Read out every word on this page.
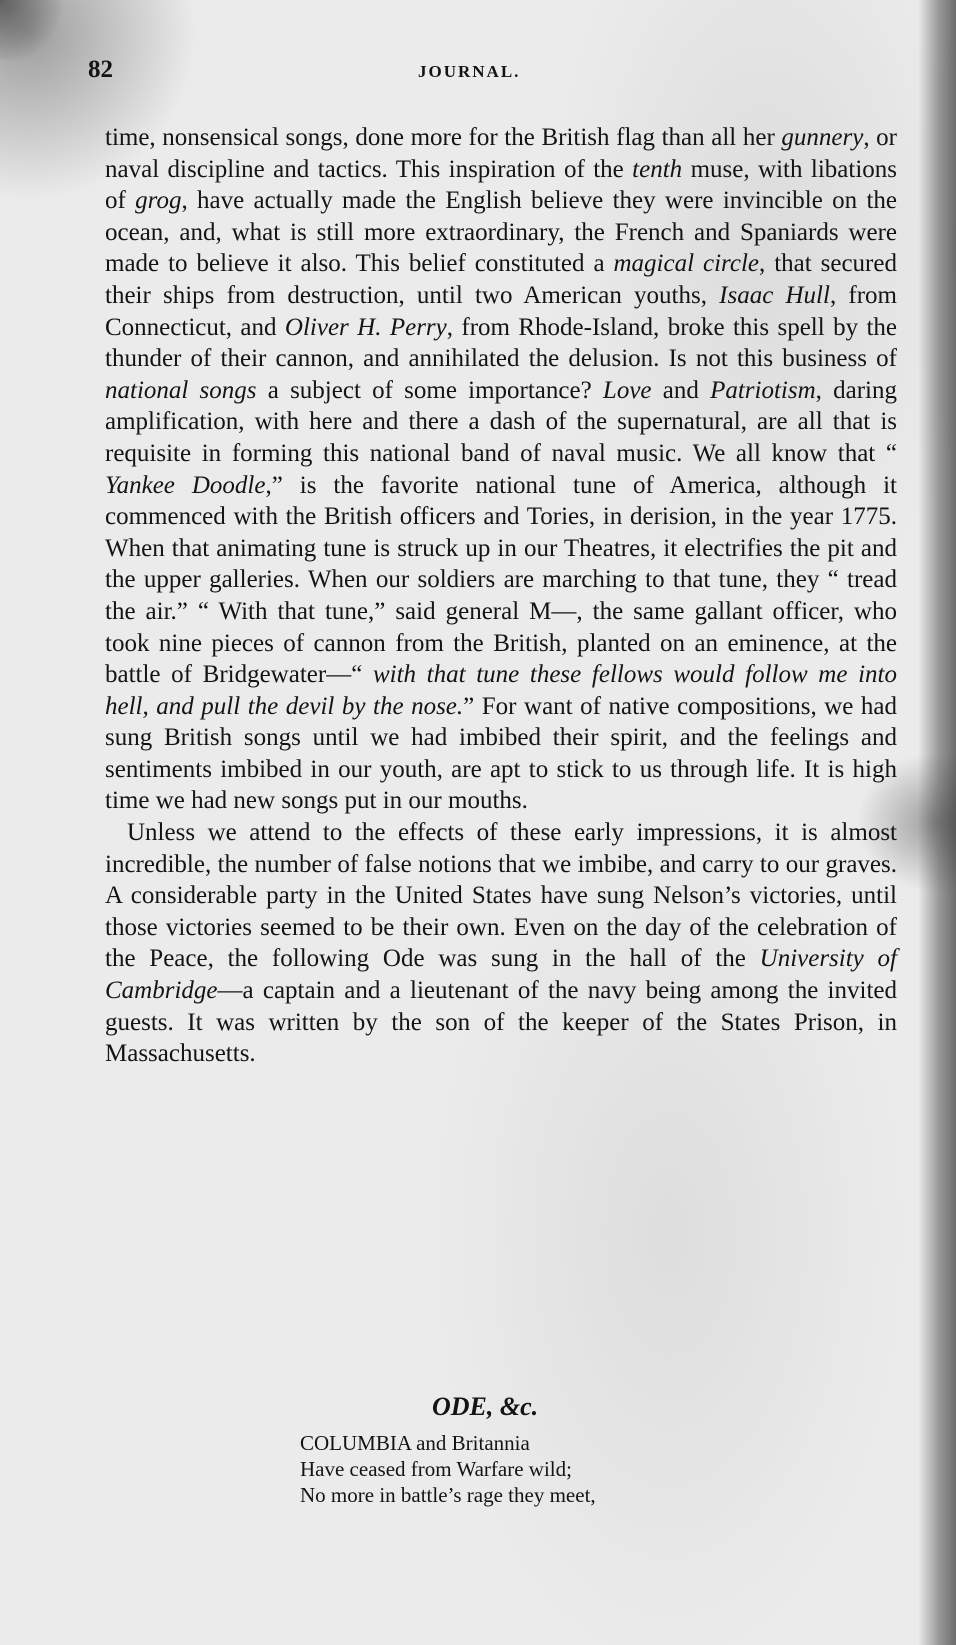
82	JOURNAL.

time, nonsensical songs, done more for the British flag than all her gunnery, or naval discipline and tactics. This inspiration of the tenth muse, with libations of grog, have actually made the English believe they were invincible on the ocean, and, what is still more extraordinary, the French and Spaniards were made to believe it also. This belief constituted a magical circle, that secured their ships from destruction, until two American youths, Isaac Hull, from Connecticut, and Oliver H. Perry, from Rhode-Island, broke this spell by the thunder of their cannon, and annihilated the delusion. Is not this business of national songs a subject of some importance? Love and Patriotism, daring amplification, with here and there a dash of the supernatural, are all that is requisite in forming this national band of naval music. We all know that “ Yankee Doodle,” is the favorite national tune of America, although it commenced with the British officers and Tories, in derision, in the year 1775. When that animating tune is struck up in our Theatres, it electrifies the pit and the upper galleries. When our soldiers are marching to that tune, they “ tread the air.” “ With that tune,” said general M—, the same gallant officer, who took nine pieces of cannon from the British, planted on an eminence, at the battle of Bridgewater—“ with that tune these fellows would follow me into hell, and pull the devil by the nose.” For want of native compositions, we had sung British songs until we had imbibed their spirit, and the feelings and sentiments imbibed in our youth, are apt to stick to us through life. It is high time we had new songs put in our mouths.

Unless we attend to the effects of these early impressions, it is almost incredible, the number of false notions that we imbibe, and carry to our graves. A considerable party in the United States have sung Nelson’s victories, until those victories seemed to be their own. Even on the day of the celebration of the Peace, the following Ode was sung in the hall of the University of Cambridge—a captain and a lieutenant of the navy being among the invited guests. It was written by the son of the keeper of the States Prison, in Massachusetts.

ODE, &c.
COLUMBIA and Britannia
Have ceased from Warfare wild;
No more in battle’s rage they meet,
